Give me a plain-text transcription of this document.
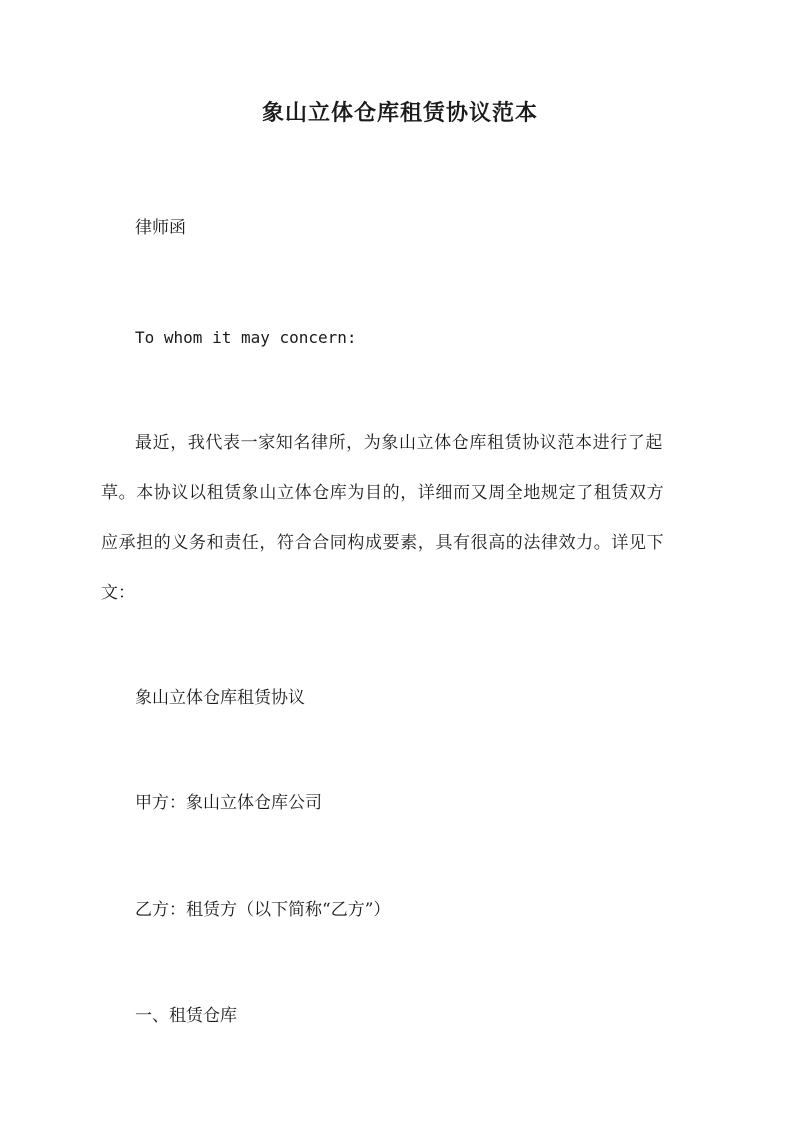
象山立体仓库租赁协议范本
律师函
To whom it may concern:
最近，我代表一家知名律所，为象山立体仓库租赁协议范本进行了起
草。本协议以租赁象山立体仓库为目的，详细而又周全地规定了租赁双方
应承担的义务和责任，符合合同构成要素，具有很高的法律效力。详见下
文：
象山立体仓库租赁协议
甲方：象山立体仓库公司
乙方：租赁方（以下简称“乙方”）
一、租赁仓库
